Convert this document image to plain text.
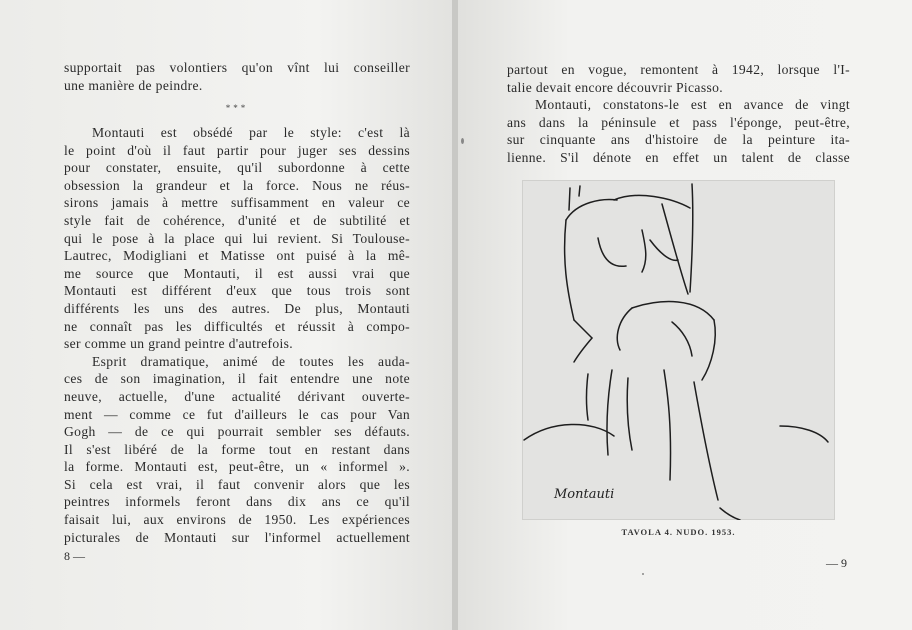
supportait pas volontiers qu'on vînt lui conseiller
une manière de peindre.
***
Montauti est obsédé par le style: c'est là
le point d'où il faut partir pour juger ses dessins
pour constater, ensuite, qu'il subordonne à cette
obsession la grandeur et la force. Nous ne réus-
sirons jamais à mettre suffisamment en valeur ce
style fait de cohérence, d'unité et de subtilité et
qui le pose à la place qui lui revient. Si Toulouse-
Lautrec, Modigliani et Matisse ont puisé à la mê-
me source que Montauti, il est aussi vrai que
Montauti est différent d'eux que tous trois sont
différents les uns des autres. De plus, Montauti
ne connaît pas les difficultés et réussit à compo-
ser comme un grand peintre d'autrefois.
Esprit dramatique, animé de toutes les auda-
ces de son imagination, il fait entendre une note
neuve, actuelle, d'une actualité dérivant ouverte-
ment — comme ce fut d'ailleurs le cas pour Van
Gogh — de ce qui pourrait sembler ses défauts.
Il s'est libéré de la forme tout en restant dans
la forme. Montauti est, peut-être, un « informel ».
Si cela est vrai, il faut convenir alors que les
peintres informels feront dans dix ans ce qu'il
faisait lui, aux environs de 1950. Les expériences
picturales de Montauti sur l'informel actuellement
8 —
partout en vogue, remontent à 1942, lorsque l'I-
talie devait encore découvrir Picasso.
Montauti, constatons-le est en avance de vingt
ans dans la péninsule et pass l'éponge, peut-être,
sur cinquante ans d'histoire de la peinture ita-
lienne. S'il dénote en effet un talent de classe
Montauti
TAVOLA 4. NUDO. 1953.
— 9
